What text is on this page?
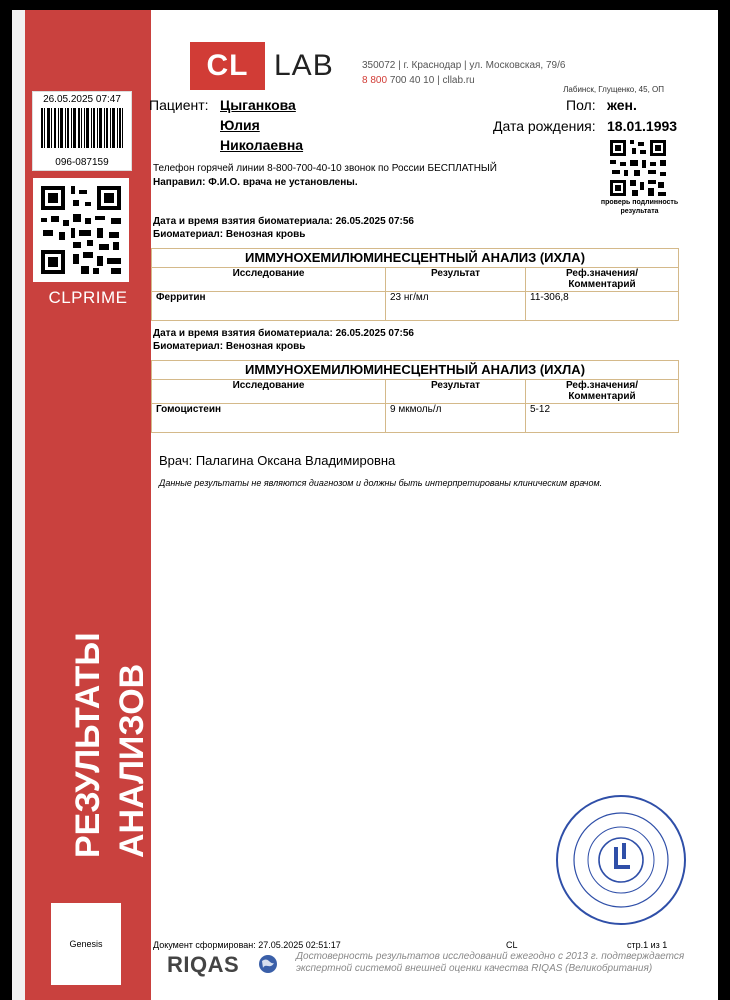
26.05.2025 07:47
096-087159
CLPRIME
РЕЗУЛЬТАТЫ АНАЛИЗОВ
Genesis
CL LAB	350072 | г. Краснодар | ул. Московская, 79/6
8 800 700 40 10 | cllab.ru
Лабинск, Глущенко, 45, ОП
Пациент: Цыганкова
Юлия
Николаевна
Пол: жен.
Дата рождения: 18.01.1993
проверь подлинность результата
Телефон горячей линии 8-800-700-40-10 звонок по России БЕСПЛАТНЫЙ
Направил: Ф.И.О. врача не установлены.
Дата и время взятия биоматериала: 26.05.2025 07:56
Биоматериал: Венозная кровь
ИММУНОХЕМИЛЮМИНЕСЦЕНТНЫЙ АНАЛИЗ (ИХЛА)		
Исследование	Результат	Реф.значения/
Комментарий

Ферритин	23 нг/мл	11-306,8
Дата и время взятия биоматериала: 26.05.2025 07:56
Биоматериал: Венозная кровь
ИММУНОХЕМИЛЮМИНЕСЦЕНТНЫЙ АНАЛИЗ (ИХЛА)		
Исследование	Результат	Реф.значения/
Комментарий

Гомоцистеин	9 мкмоль/л	5-12
Врач: Палагина Оксана Владимировна
Данные результаты не являются диагнозом и должны быть интерпретированы клиническим врачом.
Документ сформирован: 27.05.2025 02:51:17	CL	стр.1 из 1
RIQAS	Достоверность результатов исследований ежегодно с 2013 г. подтверждается экспертной системой внешней оценки качества RIQAS (Великобритания)
